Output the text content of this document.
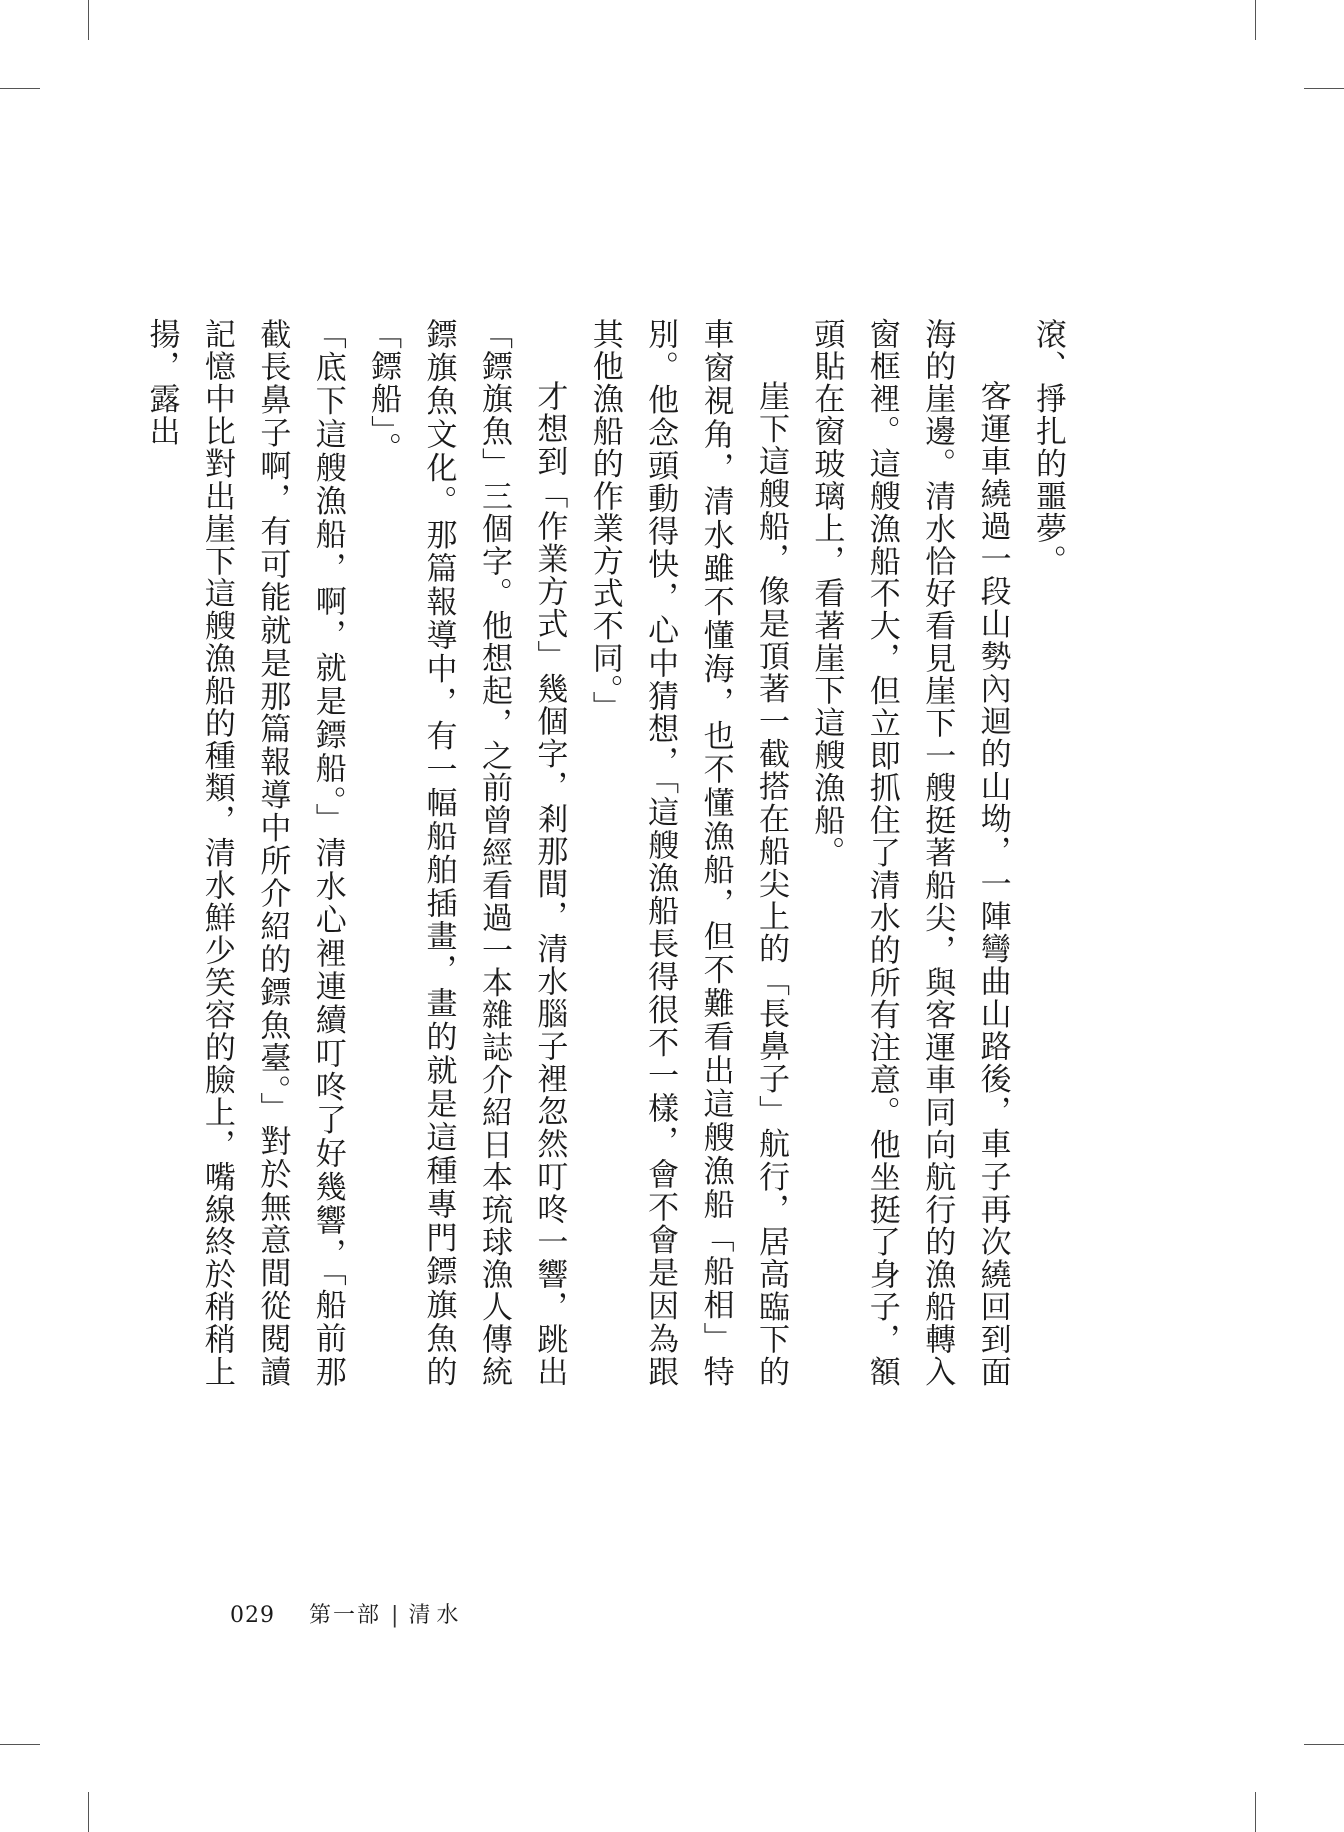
滾、掙扎的噩夢。

客運車繞過一段山勢內迴的山坳，一陣彎曲山路後，車子再次繞回到面海的崖邊。清水恰好看見崖下一艘挺著船尖，與客運車同向航行的漁船轉入窗框裡。這艘漁船不大，但立即抓住了清水的所有注意。他坐挺了身子，額頭貼在窗玻璃上，看著崖下這艘漁船。

崖下這艘船，像是頂著一截搭在船尖上的「長鼻子」航行，居高臨下的車窗視角，清水雖不懂海，也不懂漁船，但不難看出這艘漁船「船相」特別。他念頭動得快，心中猜想，「這艘漁船長得很不一樣，會不會是因為跟其他漁船的作業方式不同。」

才想到「作業方式」幾個字，剎那間，清水腦子裡忽然叮咚一響，跳出「鏢旗魚」三個字。他想起，之前曾經看過一本雜誌介紹日本琉球漁人傳統鏢旗魚文化。那篇報導中，有一幅船舶插畫，畫的就是這種專門鏢旗魚的「鏢船」。

「底下這艘漁船，啊，就是鏢船。」清水心裡連續叮咚了好幾響，「船前那截長鼻子啊，有可能就是那篇報導中所介紹的鏢魚臺。」對於無意間從閱讀記憶中比對出崖下這艘漁船的種類，清水鮮少笑容的臉上，嘴線終於稍稍上揚，露出

029 第一部 | 清水
